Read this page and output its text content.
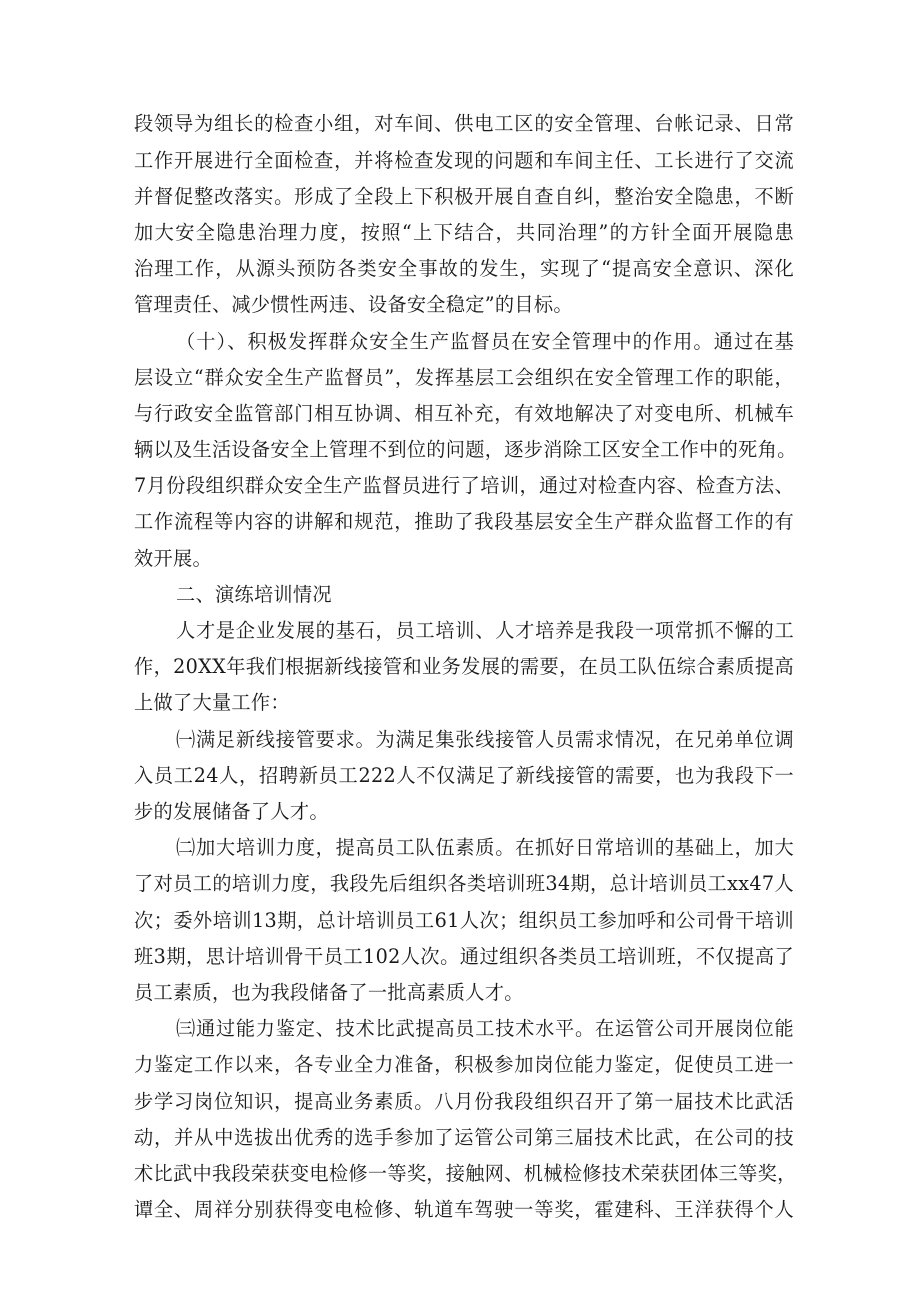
段领导为组长的检查小组，对车间、供电工区的安全管理、台帐记录、日常
工作开展进行全面检查，并将检查发现的问题和车间主任、工长进行了交流
并督促整改落实。形成了全段上下积极开展自查自纠，整治安全隐患，不断
加大安全隐患治理力度，按照“上下结合，共同治理”的方针全面开展隐患
治理工作，从源头预防各类安全事故的发生，实现了“提高安全意识、深化
管理责任、减少惯性两违、设备安全稳定”的目标。
（十）、积极发挥群众安全生产监督员在安全管理中的作用。通过在基
层设立“群众安全生产监督员”，发挥基层工会组织在安全管理工作的职能，
与行政安全监管部门相互协调、相互补充，有效地解决了对变电所、机械车
辆以及生活设备安全上管理不到位的问题，逐步消除工区安全工作中的死角。
7月份段组织群众安全生产监督员进行了培训，通过对检查内容、检查方法、
工作流程等内容的讲解和规范，推助了我段基层安全生产群众监督工作的有
效开展。
二、演练培训情况
人才是企业发展的基石，员工培训、人才培养是我段一项常抓不懈的工
作，20XX年我们根据新线接管和业务发展的需要，在员工队伍综合素质提高
上做了大量工作：
㈠满足新线接管要求。为满足集张线接管人员需求情况，在兄弟单位调
入员工24人，招聘新员工222人不仅满足了新线接管的需要，也为我段下一
步的发展储备了人才。
㈡加大培训力度，提高员工队伍素质。在抓好日常培训的基础上，加大
了对员工的培训力度，我段先后组织各类培训班34期，总计培训员工xx47人
次；委外培训13期，总计培训员工61人次；组织员工参加呼和公司骨干培训
班3期，思计培训骨干员工102人次。通过组织各类员工培训班，不仅提高了
员工素质，也为我段储备了一批高素质人才。
㈢通过能力鉴定、技术比武提高员工技术水平。在运管公司开展岗位能
力鉴定工作以来，各专业全力准备，积极参加岗位能力鉴定，促使员工进一
步学习岗位知识，提高业务素质。八月份我段组织召开了第一届技术比武活
动，并从中选拔出优秀的选手参加了运管公司第三届技术比武，在公司的技
术比武中我段荣获变电检修一等奖，接触网、机械检修技术荣获团体三等奖，
谭全、周祥分别获得变电检修、轨道车驾驶一等奖，霍建科、王洋获得个人
